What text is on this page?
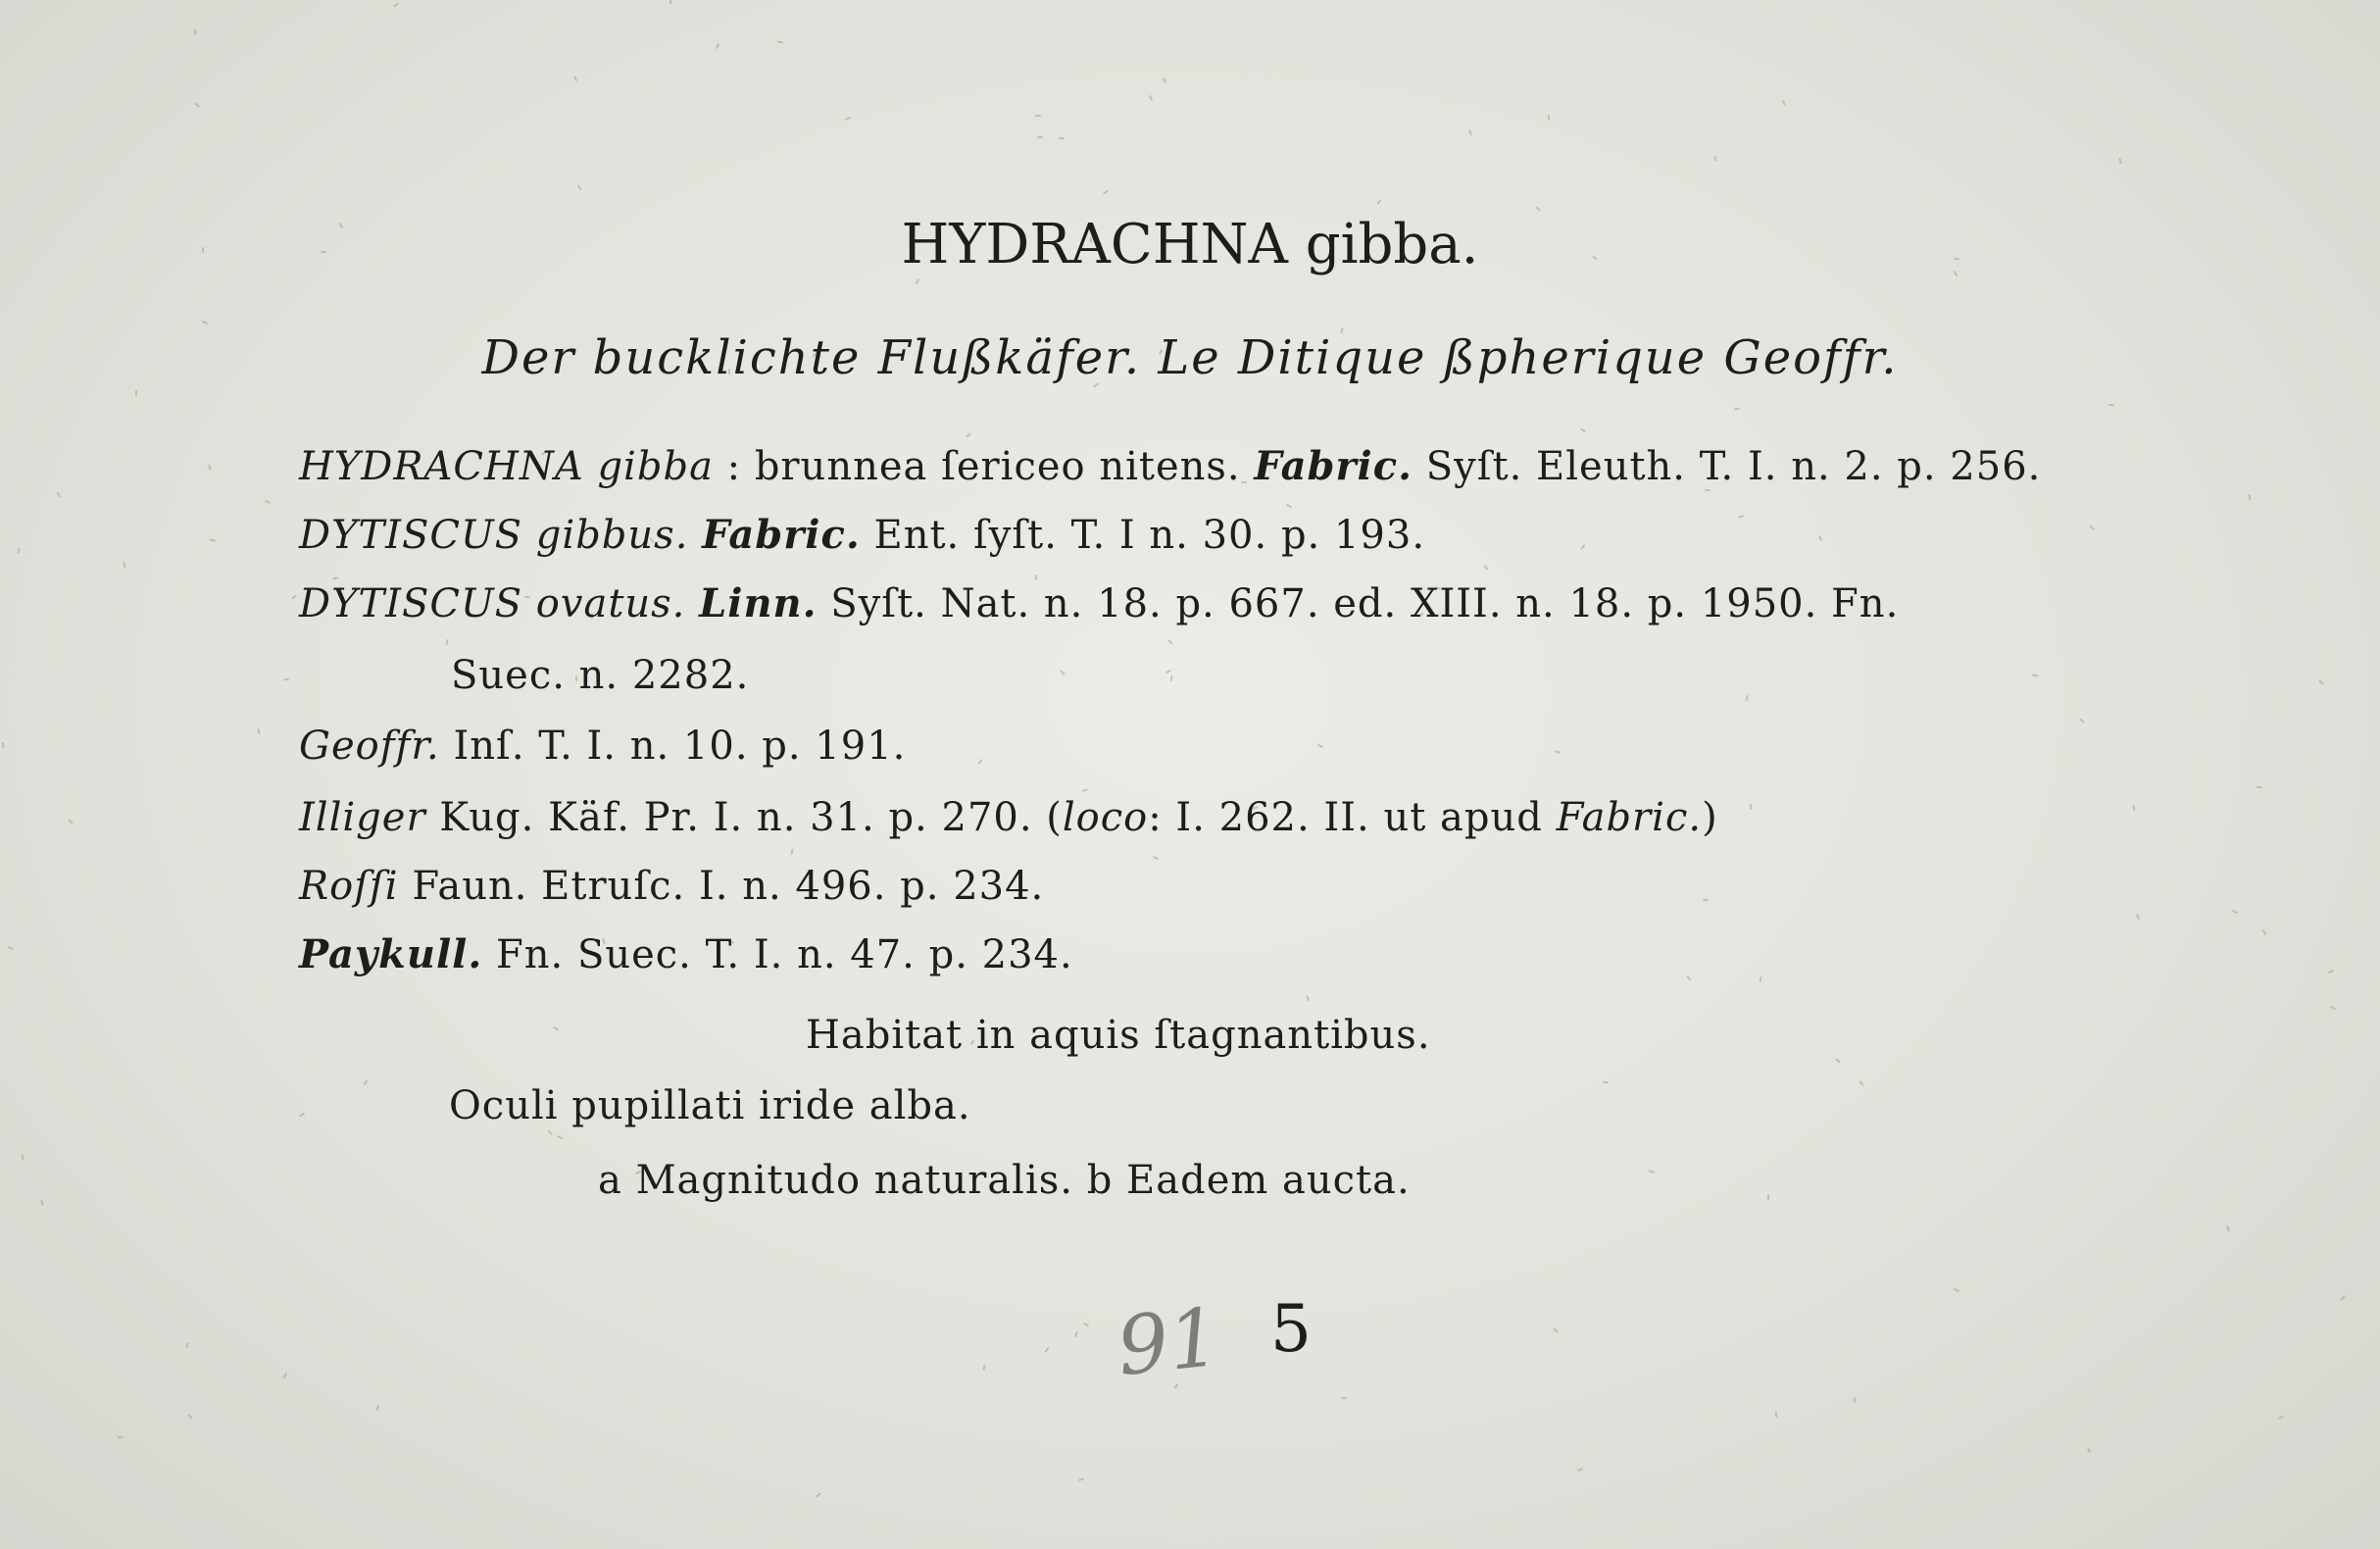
HYDRACHNA gibba.
Der bucklichte Flußkäfer. Le Ditique ßpherique Geoffr.
HYDRACHNA gibba : brunnea ſericeo nitens. Fabric. Syſt. Eleuth. T. I. n. 2. p. 256.
DYTISCUS gibbus. Fabric. Ent. ſyſt. T. I n. 30. p. 193.
DYTISCUS ovatus. Linn. Syſt. Nat. n. 18. p. 667. ed. XIII. n. 18. p. 1950. Fn.
Suec. n. 2282.
Geoffr. Inſ. T. I. n. 10. p. 191.
Illiger Kug. Käf. Pr. I. n. 31. p. 270. (loco: I. 262. II. ut apud Fabric.)
Roſſi Faun. Etruſc. I. n. 496. p. 234.
Paykull. Fn. Suec. T. I. n. 47. p. 234.
Habitat in aquis ſtagnantibus.
Oculi pupillati iride alba.
a Magnitudo naturalis. b Eadem aucta.
91 5
